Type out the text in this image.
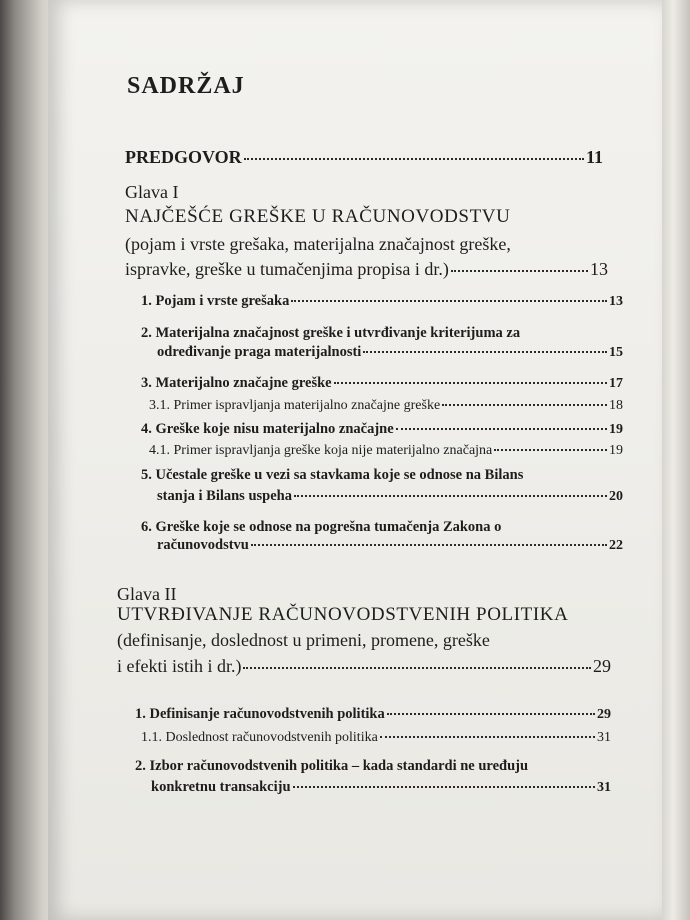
SADRŽAJ
PREDGOVOR	11
Glava I
NAJČEŠĆE GREŠKE U RAČUNOVODSTVU
(pojam i vrste grešaka, materijalna značajnost greške,
ispravke, greške u tumačenjima propisa i dr.)	13
1. Pojam i vrste grešaka	13
2. Materijalna značajnost greške i utvrđivanje kriterijuma za
određivanje praga materijalnosti	15
3. Materijalno značajne greške	17
3.1. Primer ispravljanja materijalno značajne greške	18
4. Greške koje nisu materijalno značajne	19
4.1. Primer ispravljanja greške koja nije materijalno značajna	19
5. Učestale greške u vezi sa stavkama koje se odnose na Bilans
stanja i Bilans uspeha	20
6. Greške koje se odnose na pogrešna tumačenja Zakona o
računovodstvu	22
Glava II
UTVRĐIVANJE RAČUNOVODSTVENIH POLITIKA
(definisanje, doslednost u primeni, promene, greške
i efekti istih i dr.)	29
1. Definisanje računovodstvenih politika	29
1.1. Doslednost računovodstvenih politika	31
2. Izbor računovodstvenih politika – kada standardi ne uređuju
konkretnu transakciju	31
